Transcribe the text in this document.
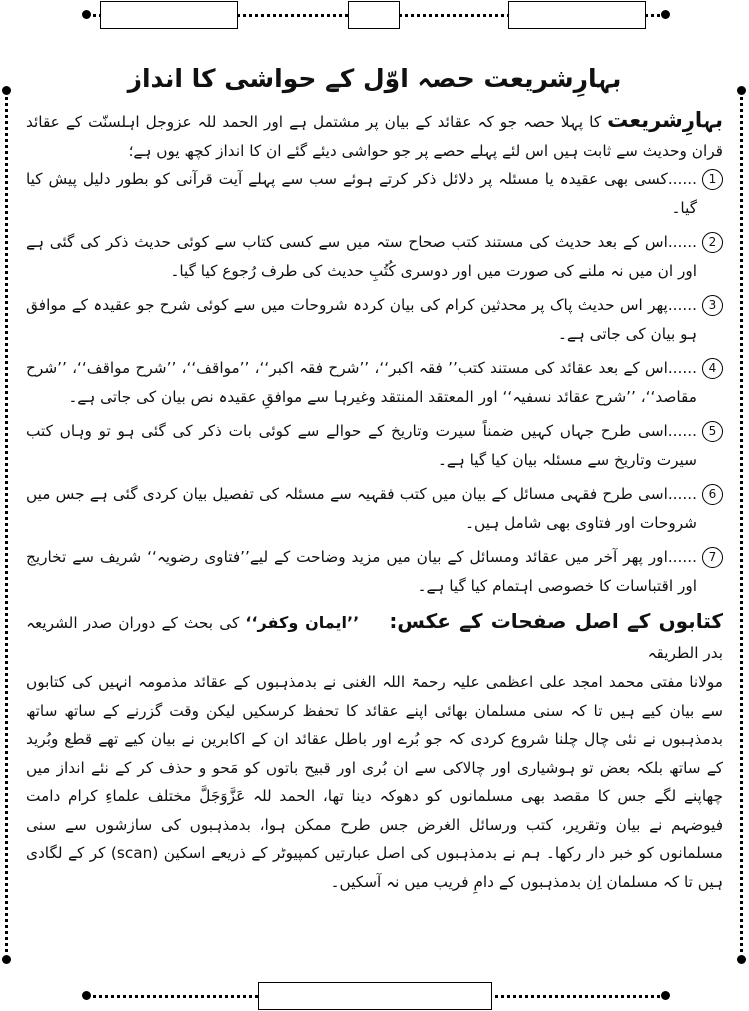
بہارِشریعت حصہ اوّل کے حواشی کا انداز

بہارِشریعت کا پہلا حصہ جو کہ عقائد کے بیان پر مشتمل ہے اور الحمد للہ عزوجل اہلسنّت کے عقائد قران وحدیث سے ثابت ہیں اس لئے پہلے حصے پر جو حواشی دیئے گئے ان کا انداز کچھ یوں ہے؛

1
......کسی بھی عقیدہ یا مسئلہ پر دلائل ذکر کرتے ہوئے سب سے پہلے آیت قرآنی کو بطور دلیل پیش کیا گیا۔

2
......اس کے بعد حدیث کی مستند کتب صحاح ستہ میں سے کسی کتاب سے کوئی حدیث ذکر کی گئی ہے اور ان میں نہ ملنے کی صورت میں اور دوسری کُتُبِ حدیث کی طرف رُجوع کیا گیا۔

3
......پھر اس حدیث پاک پر محدثین کرام کی بیان کردہ شروحات میں سے کوئی شرح جو عقیدہ کے موافق ہو بیان کی جاتی ہے۔

4
......اس کے بعد عقائد کی مستند کتب’’ فقہ اکبر‘‘، ’’شرح فقہ اکبر‘‘، ’’مواقف‘‘، ’’شرح مواقف‘‘، ’’شرح مقاصد‘‘، ’’شرح عقائد نسفیہ‘‘ اور المعتقد المنتقد وغیرہا سے موافقِ عقیدہ نص بیان کی جاتی ہے۔

5
......اسی طرح جہاں کہیں ضمناً سیرت وتاریخ کے حوالے سے کوئی بات ذکر کی گئی ہو تو وہاں کتب سیرت وتاریخ سے مسئلہ بیان کیا گیا ہے۔

6
......اسی طرح فقہی مسائل کے بیان میں کتب فقہیہ سے مسئلہ کی تفصیل بیان کردی گئی ہے جس میں شروحات اور فتاوی بھی شامل ہیں۔

7
......اور پھر آخر میں عقائد ومسائل کے بیان میں مزید وضاحت کے لیے’’فتاوی رضویہ‘‘ شریف سے تخاریج اور اقتباسات کا خصوصی اہتمام کیا گیا ہے۔

کتابوں کے اصل صفحات کے عکس: ’’ایمان وکفر‘‘ کی بحث کے دوران صدر الشریعہ بدر الطریقہ

مولانا مفتی محمد امجد علی اعظمی علیہ رحمۃ اللہ الغنی نے بدمذہبوں کے عقائد مذمومہ انہیں کی کتابوں سے بیان کیے ہیں تا کہ سنی مسلمان بھائی اپنے عقائد کا تحفظ کرسکیں لیکن وقت گزرنے کے ساتھ ساتھ بدمذہبوں نے نئی چال چلنا شروع کردی کہ جو بُرے اور باطل عقائد ان کے اکابرین نے بیان کیے تھے قطع وبُرید کے ساتھ بلکہ بعض تو ہوشیاری اور چالاکی سے ان بُری اور قبیح باتوں کو مَحو و حذف کر کے نئے انداز میں چھاپنے لگے جس کا مقصد بھی مسلمانوں کو دھوکہ دینا تھا، الحمد للہ عَزَّوَجَلَّ مختلف علماءِ کرام دامت فیوضہم نے بیان وتقریر، کتب ورسائل الغرض جس طرح ممکن ہوا، بدمذہبوں کی سازشوں سے سنی مسلمانوں کو خبر دار رکھا۔ ہم نے بدمذہبوں کی اصل عبارتیں کمپیوٹر کے ذریعے اسکین (scan) کر کے لگادی ہیں تا کہ مسلمان اِن بدمذہبوں کے دامِ فریب میں نہ آسکیں۔
